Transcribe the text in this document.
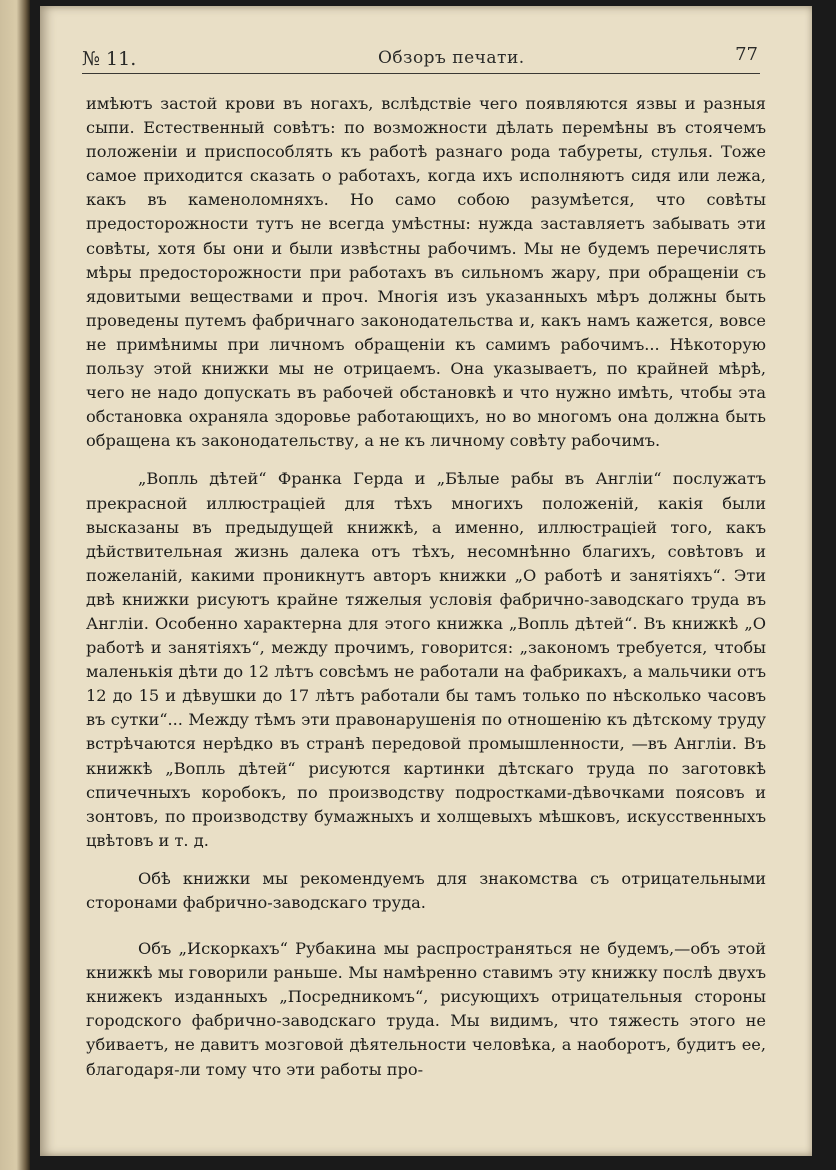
№ 11.	Обзоръ печати.	77

имѣютъ застой крови въ ногахъ, вслѣдствіе чего появляются язвы и разныя сыпи. Естественный совѣтъ: по возможности дѣлать перемѣны въ стоячемъ положеніи и приспособлять къ работѣ разнаго рода табуреты, стулья. Тоже самое приходится сказать о работахъ, когда ихъ исполняютъ сидя или лежа, какъ въ каменоломняхъ. Но само собою разумѣется, что совѣты предосторожности тутъ не всегда умѣстны: нужда заставляетъ забывать эти совѣты, хотя бы они и были извѣстны рабочимъ. Мы не будемъ перечислять мѣры предосторожности при работахъ въ сильномъ жару, при обращеніи съ ядовитыми веществами и проч. Многія изъ указанныхъ мѣръ должны быть проведены путемъ фабричнаго законодательства и, какъ намъ кажется, вовсе не примѣнимы при личномъ обращеніи къ самимъ рабочимъ... Нѣкоторую пользу этой книжки мы не отрицаемъ. Она указываетъ, по крайней мѣрѣ, чего не надо допускать въ рабочей обстановкѣ и что нужно имѣть, чтобы эта обстановка охраняла здоровье работающихъ, но во многомъ она должна быть обращена къ законодательству, а не къ личному совѣту рабочимъ.

„Вопль дѣтей“ Франка Герда и „Бѣлые рабы въ Англіи“ послужатъ прекрасной иллюстраціей для тѣхъ многихъ положеній, какія были высказаны въ предыдущей книжкѣ, а именно, иллюстраціей того, какъ дѣйствительная жизнь далека отъ тѣхъ, несомнѣнно благихъ, совѣтовъ и пожеланій, какими проникнутъ авторъ книжки „О работѣ и занятіяхъ“. Эти двѣ книжки рисуютъ крайне тяжелыя условія фабрично-заводскаго труда въ Англіи. Особенно характерна для этого книжка „Вопль дѣтей“. Въ книжкѣ „О работѣ и занятіяхъ“, между прочимъ, говорится: „закономъ требуется, чтобы маленькія дѣти до 12 лѣтъ совсѣмъ не работали на фабрикахъ, а мальчики отъ 12 до 15 и дѣвушки до 17 лѣтъ работали бы тамъ только по нѣсколько часовъ въ сутки“... Между тѣмъ эти правонарушенія по отношенію къ дѣтскому труду встрѣчаются нерѣдко въ странѣ передовой промышленности, —въ Англіи. Въ книжкѣ „Вопль дѣтей“ рисуются картинки дѣтскаго труда по заготовкѣ спичечныхъ коробокъ, по производству подростками-дѣвочками поясовъ и зонтовъ, по производству бумажныхъ и холщевыхъ мѣшковъ, искусственныхъ цвѣтовъ и т. д.

Обѣ книжки мы рекомендуемъ для знакомства съ отрицательными сторонами фабрично-заводскаго труда.

Объ „Искоркахъ“ Рубакина мы распространяться не будемъ,—объ этой книжкѣ мы говорили раньше. Мы намѣренно ставимъ эту книжку послѣ двухъ книжекъ изданныхъ „Посредникомъ“, рисующихъ отрицательныя стороны городского фабрично-заводскаго труда. Мы видимъ, что тяжесть этого не убиваетъ, не давитъ мозговой дѣятельности человѣка, а наоборотъ, будитъ ее, благодаря-ли тому что эти работы про-
